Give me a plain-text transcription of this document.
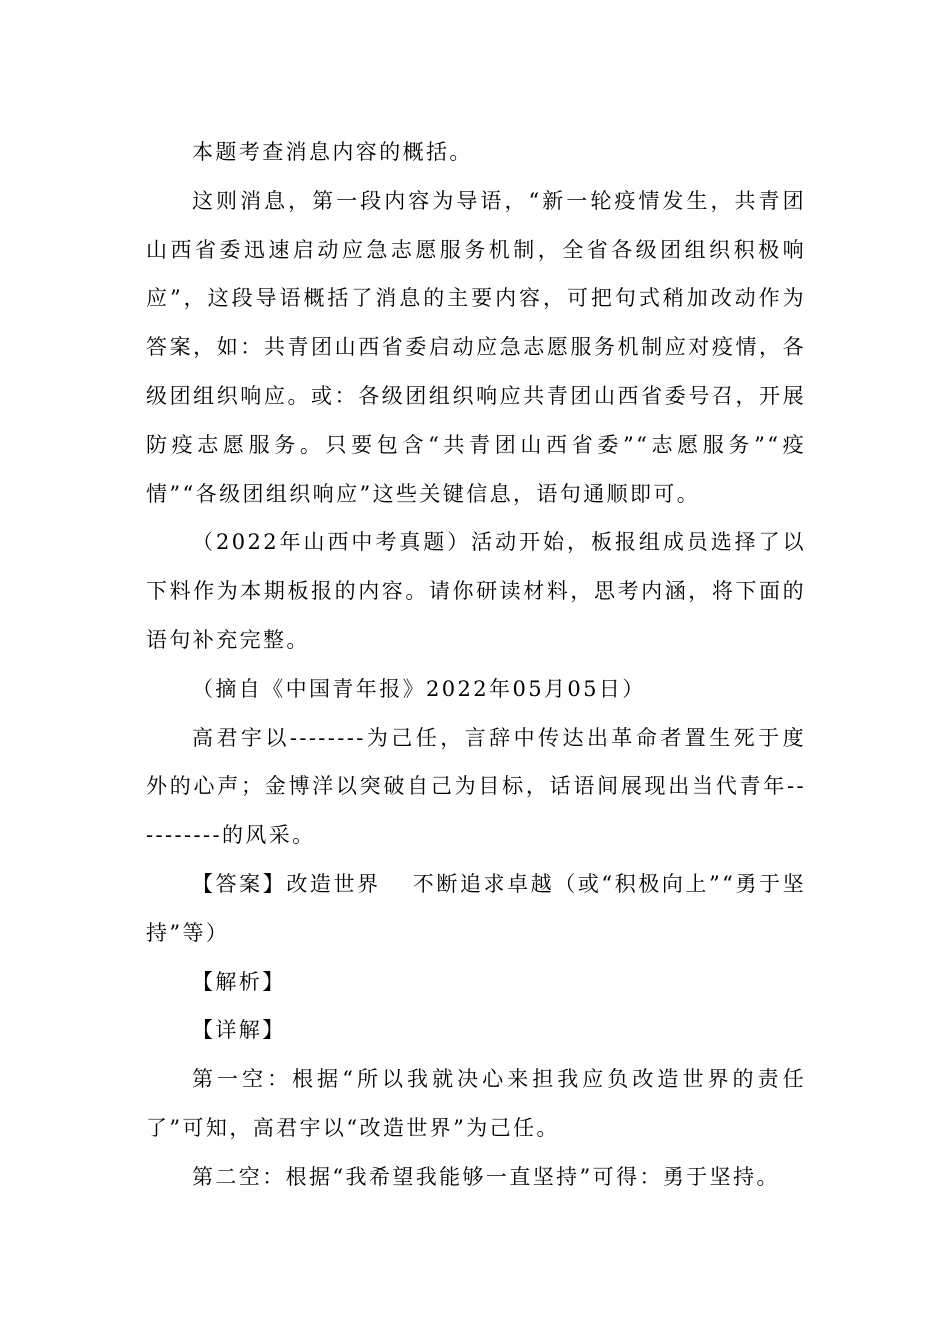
本题考查消息内容的概括。

这则消息，第一段内容为导语，“新一轮疫情发生，共青团山西省委迅速启动应急志愿服务机制，全省各级团组织积极响应”，这段导语概括了消息的主要内容，可把句式稍加改动作为答案，如：共青团山西省委启动应急志愿服务机制应对疫情，各级团组织响应。或：各级团组织响应共青团山西省委号召，开展防疫志愿服务。只要包含“共青团山西省委”“志愿服务”“疫情”“各级团组织响应”这些关键信息，语句通顺即可。

（2022年山西中考真题）活动开始，板报组成员选择了以下料作为本期板报的内容。请你研读材料，思考内涵，将下面的语句补充完整。

（摘自《中国青年报》2022年05月05日）

高君宇以--------为己任，言辞中传达出革命者置生死于度外的心声；金博洋以突破自己为目标，话语间展现出当代青年----------的风采。

【答案】改造世界 不断追求卓越（或“积极向上”“勇于坚持”等）

【解析】

【详解】

第一空：根据“所以我就决心来担我应负改造世界的责任了”可知，高君宇以“改造世界”为己任。

第二空：根据“我希望我能够一直坚持”可得：勇于坚持。
